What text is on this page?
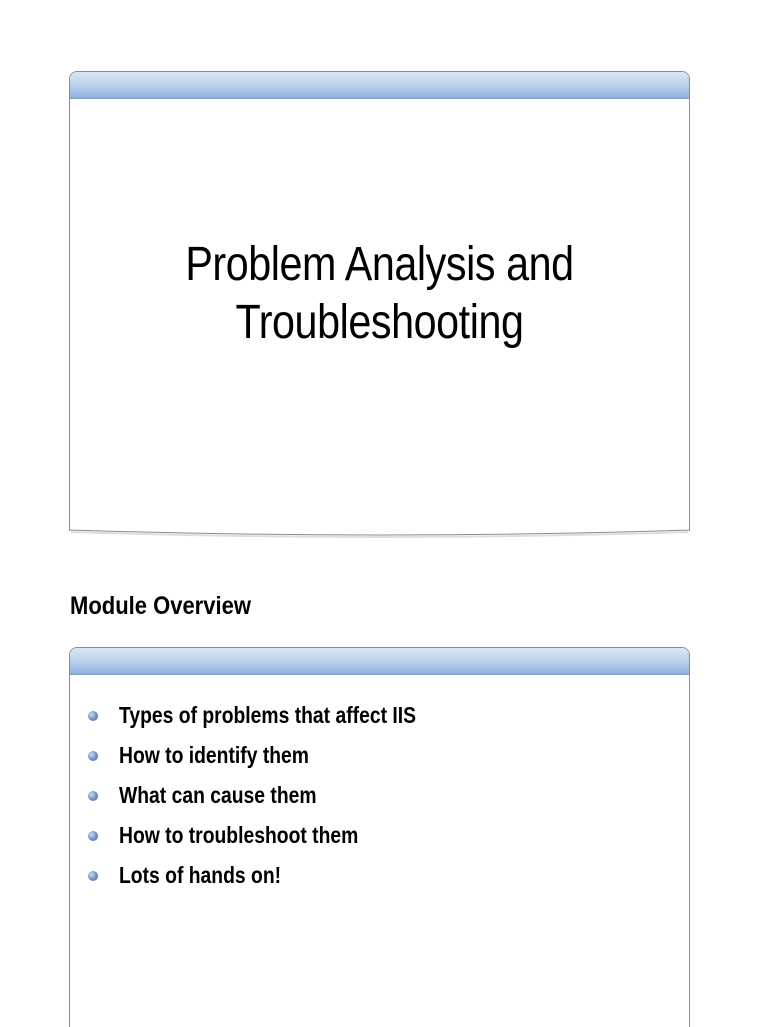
Problem Analysis and
Troubleshooting
Module Overview
Types of problems that affect IIS
How to identify them
What can cause them
How to troubleshoot them
Lots of hands on!
